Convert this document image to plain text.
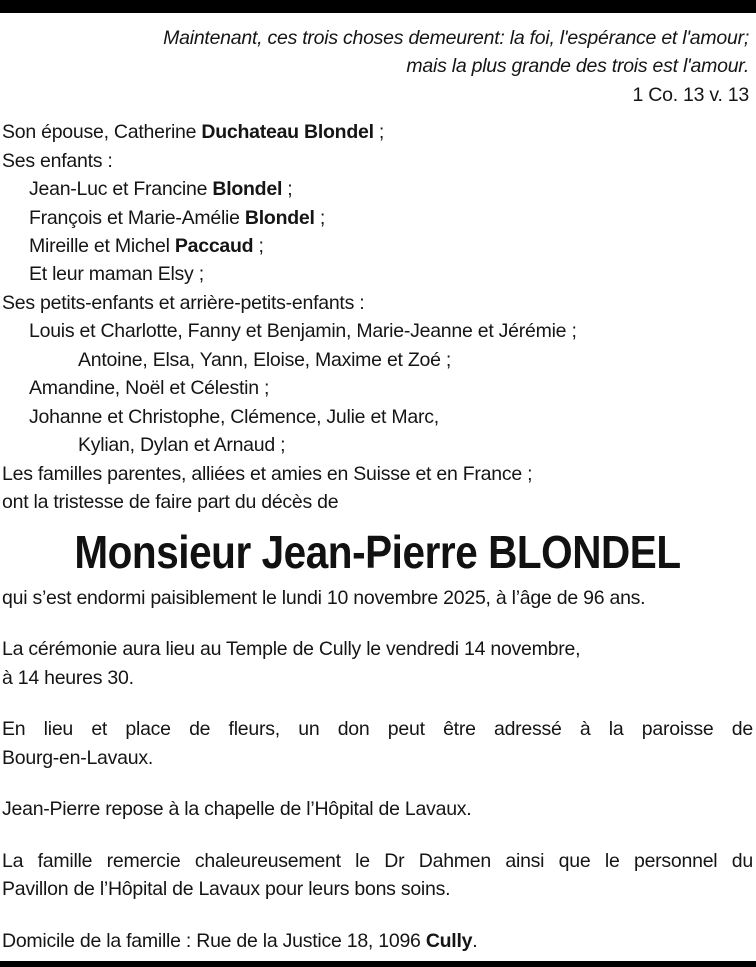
Maintenant, ces trois choses demeurent: la foi, l'espérance et l'amour;
mais la plus grande des trois est l'amour.
1 Co. 13 v. 13
Son épouse, Catherine Duchateau Blondel ;
Ses enfants :
Jean-Luc et Francine Blondel ;
François et Marie-Amélie Blondel ;
Mireille et Michel Paccaud ;
Et leur maman Elsy ;
Ses petits-enfants et arrière-petits-enfants :
Louis et Charlotte, Fanny et Benjamin, Marie-Jeanne et Jérémie ;
Antoine, Elsa, Yann, Eloise, Maxime et Zoé ;
Amandine, Noël et Célestin ;
Johanne et Christophe, Clémence, Julie et Marc,
Kylian, Dylan et Arnaud ;
Les familles parentes, alliées et amies en Suisse et en France ;
ont la tristesse de faire part du décès de
Monsieur Jean-Pierre BLONDEL
qui s’est endormi paisiblement le lundi 10 novembre 2025, à l’âge de 96 ans.
La cérémonie aura lieu au Temple de Cully le vendredi 14 novembre,
à 14 heures 30.
En lieu et place de fleurs, un don peut être adressé à la paroisse de
Bourg-en-Lavaux.
Jean-Pierre repose à la chapelle de l’Hôpital de Lavaux.
La famille remercie chaleureusement le Dr Dahmen ainsi que le personnel du
Pavillon de l’Hôpital de Lavaux pour leurs bons soins.
Domicile de la famille : Rue de la Justice 18, 1096 Cully.
